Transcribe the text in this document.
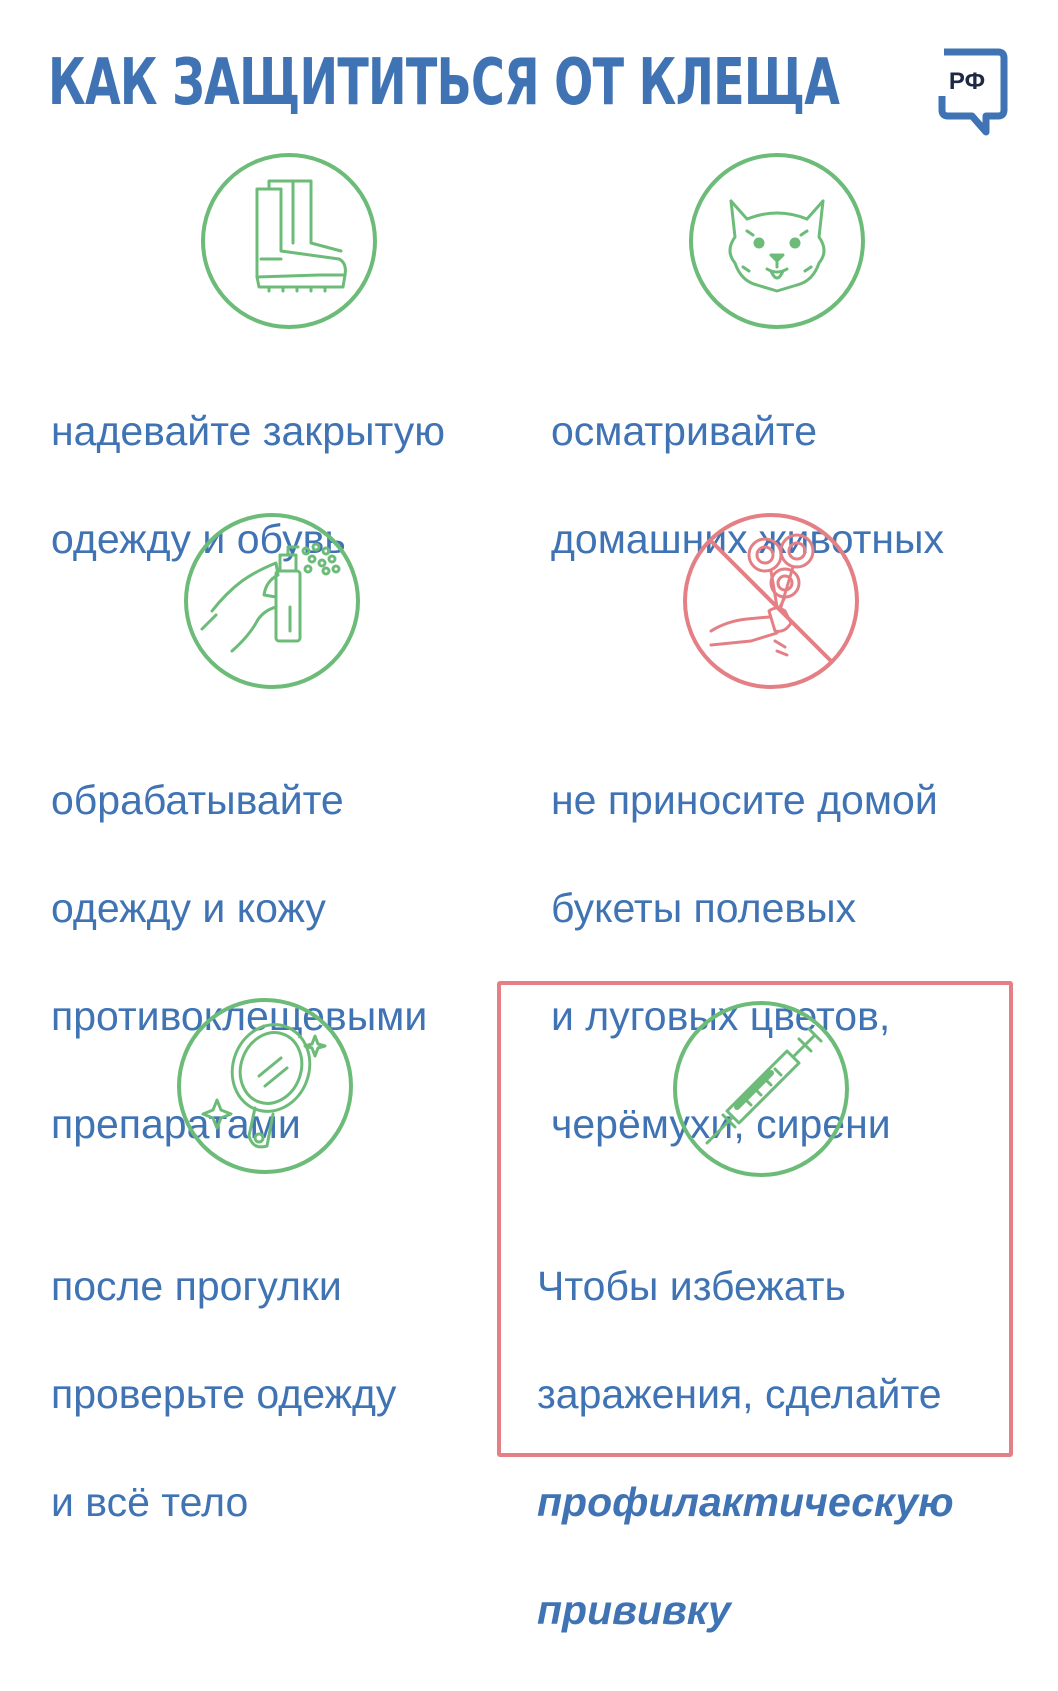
КАК ЗАЩИТИТЬСЯ ОТ КЛЕЩА	РФ

надевайте закрытую

одежду и обувь

осматривайте

домашних животных

обрабатывайте

одежду и кожу

противоклещевыми

препаратами

не приносите домой

букеты полевых

и луговых цветов,

черёмухи, сирени

после прогулки

проверьте одежду

и всё тело

Чтобы избежать

заражения, сделайте

профилактическую

прививку
